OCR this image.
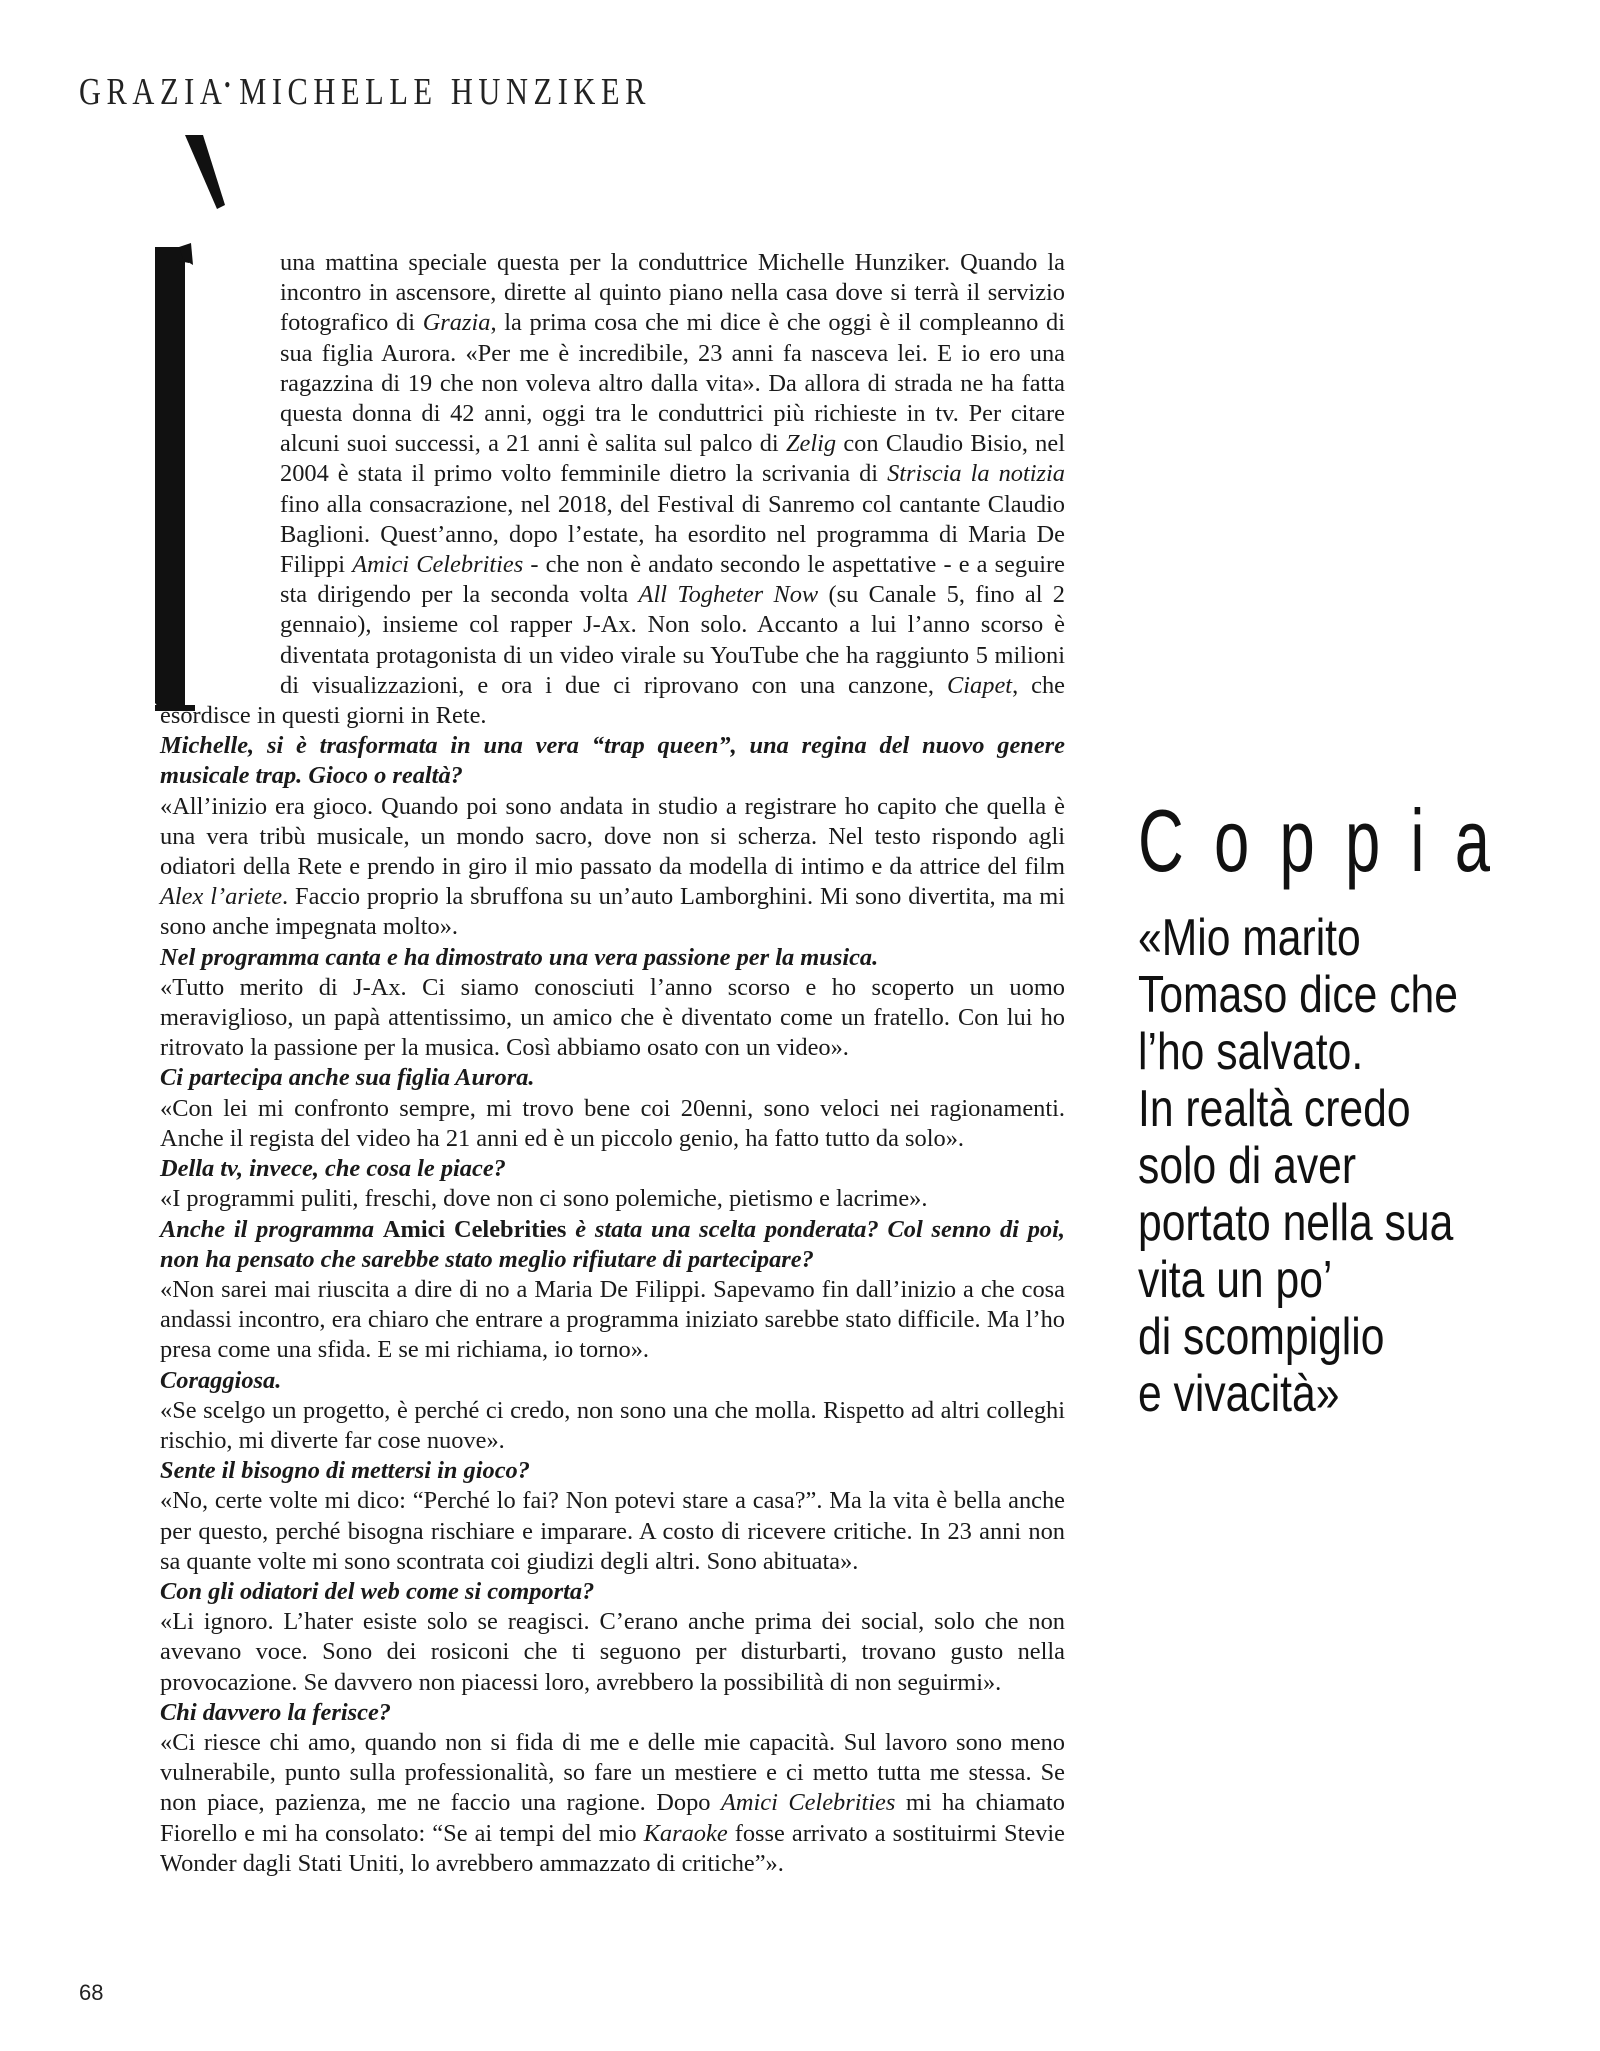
GRAZIA•MICHELLE HUNZIKER

una mattina speciale questa per la conduttrice Michelle Hunziker. Quando la incontro in ascensore, dirette al quinto piano nella casa dove si terrà il servizio fotografico di Grazia, la prima cosa che mi dice è che oggi è il compleanno di sua figlia Aurora. «Per me è incredibile, 23 anni fa nasceva lei. E io ero una ragazzina di 19 che non voleva altro dalla vita». Da allora di strada ne ha fatta questa donna di 42 anni, oggi tra le conduttrici più richieste in tv. Per citare alcuni suoi successi, a 21 anni è salita sul palco di Zelig con Claudio Bisio, nel 2004 è stata il primo volto femminile dietro la scrivania di Striscia la notizia fino alla consacrazione, nel 2018, del Festival di Sanremo col cantante Claudio Baglioni. Quest’anno, dopo l’estate, ha esordito nel programma di Maria De Filippi Amici Celebrities - che non è andato secondo le aspettative - e a seguire sta dirigendo per la seconda volta All Togheter Now (su Canale 5, fino al 2 gennaio), insieme col rapper J-Ax. Non solo. Accanto a lui l’anno scorso è diventata protagonista di un video virale su YouTube che ha raggiunto 5 milioni di visualizzazioni, e ora i due ci riprovano con una canzone, Ciapet, che esordisce in questi giorni in Rete.

Michelle, si è trasformata in una vera “trap queen”, una regina del nuovo genere musicale trap. Gioco o realtà?

«All’inizio era gioco. Quando poi sono andata in studio a registrare ho capito che quella è una vera tribù musicale, un mondo sacro, dove non si scherza. Nel testo rispondo agli odiatori della Rete e prendo in giro il mio passato da modella di intimo e da attrice del film Alex l’ariete. Faccio proprio la sbruffona su un’auto Lamborghini. Mi sono divertita, ma mi sono anche impegnata molto».

Nel programma canta e ha dimostrato una vera passione per la musica.

«Tutto merito di J-Ax. Ci siamo conosciuti l’anno scorso e ho scoperto un uomo meraviglioso, un papà attentissimo, un amico che è diventato come un fratello. Con lui ho ritrovato la passione per la musica. Così abbiamo osato con un video».

Ci partecipa anche sua figlia Aurora.

«Con lei mi confronto sempre, mi trovo bene coi 20enni, sono veloci nei ragionamenti. Anche il regista del video ha 21 anni ed è un piccolo genio, ha fatto tutto da solo».

Della tv, invece, che cosa le piace?

«I programmi puliti, freschi, dove non ci sono polemiche, pietismo e lacrime».

Anche il programma Amici Celebrities è stata una scelta ponderata? Col senno di poi, non ha pensato che sarebbe stato meglio rifiutare di partecipare?

«Non sarei mai riuscita a dire di no a Maria De Filippi. Sapevamo fin dall’inizio a che cosa andassi incontro, era chiaro che entrare a programma iniziato sarebbe stato difficile. Ma l’ho presa come una sfida. E se mi richiama, io torno».

Coraggiosa.

«Se scelgo un progetto, è perché ci credo, non sono una che molla. Rispetto ad altri colleghi rischio, mi diverte far cose nuove».

Sente il bisogno di mettersi in gioco?

«No, certe volte mi dico: “Perché lo fai? Non potevi stare a casa?”. Ma la vita è bella anche per questo, perché bisogna rischiare e imparare. A costo di ricevere critiche. In 23 anni non sa quante volte mi sono scontrata coi giudizi degli altri. Sono abituata».

Con gli odiatori del web come si comporta?

«Li ignoro. L’hater esiste solo se reagisci. C’erano anche prima dei social, solo che non avevano voce. Sono dei rosiconi che ti seguono per disturbarti, trovano gusto nella provocazione. Se davvero non piacessi loro, avrebbero la possibilità di non seguirmi».

Chi davvero la ferisce?

«Ci riesce chi amo, quando non si fida di me e delle mie capacità. Sul lavoro sono meno vulnerabile, punto sulla professionalità, so fare un mestiere e ci metto tutta me stessa. Se non piace, pazienza, me ne faccio una ragione. Dopo Amici Celebrities mi ha chiamato Fiorello e mi ha consolato: “Se ai tempi del mio Karaoke fosse arrivato a sostituirmi Stevie Wonder dagli Stati Uniti, lo avrebbero ammazzato di critiche”».

Coppia

«Mio marito

Tomaso dice che

l’ho salvato.

In realtà credo

solo di aver

portato nella sua

vita un po’

di scompiglio

e vivacità»

68
